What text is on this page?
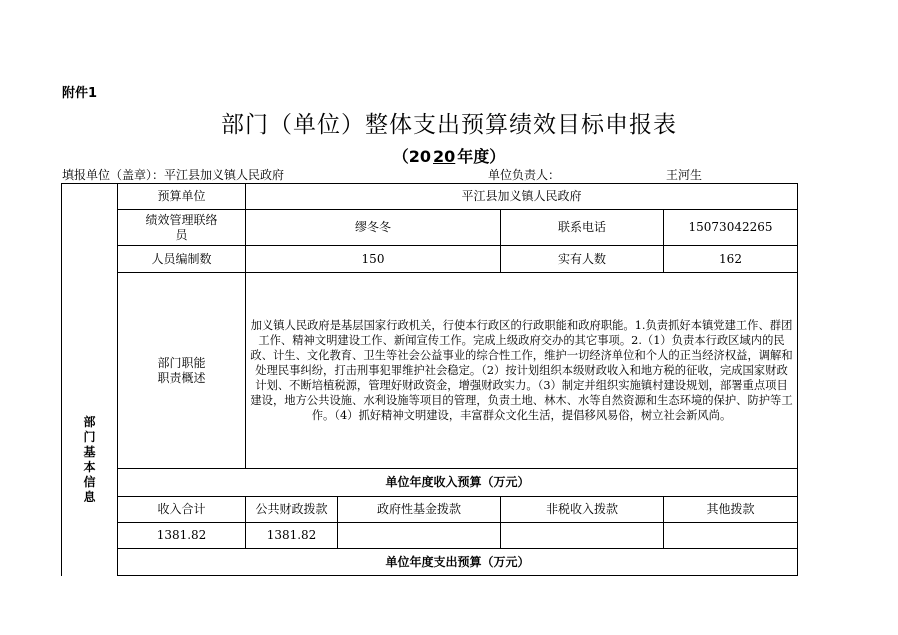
附件1
部门（单位）整体支出预算绩效目标申报表
（20 20 年度）
填报单位（盖章）：平江县加义镇人民政府	单位负责人：	王河生
部门基本信息	预算单位	平江县加义镇人民政府			

	绩效管理联络员	缪冬冬		联系电话	15073042265
	人员编制数	150		实有人数	162

	部门职能职责概述	加义镇人民政府是基层国家行政机关，行使本行政区的行政职能和政府职能。1.负责抓好本镇党建工作、群团工作、精神文明建设工作、新闻宣传工作。完成上级政府交办的其它事项。2.（1）负责本行政区域内的民政、计生、文化教育、卫生等社会公益事业的综合性工作，维护一切经济单位和个人的正当经济权益，调解和处理民事纠纷，打击刑事犯罪维护社会稳定。（2）按计划组织本级财政收入和地方税的征收，完成国家财政计划、不断培植税源，管理好财政资金，增强财政实力。（3）制定并组织实施镇村建设规划，部署重点项目建设，地方公共设施、水利设施等项目的管理，负责土地、林木、水等自然资源和生态环境的保护、防护等工作。（4）抓好精神文明建设，丰富群众文化生活，提倡移风易俗，树立社会新风尚。			
	单位年度收入预算（万元）				
	收入合计	公共财政拨款	政府性基金拨款	非税收入拨款	其他拨款
	1381.82	1381.82			
	单位年度支出预算（万元）				
